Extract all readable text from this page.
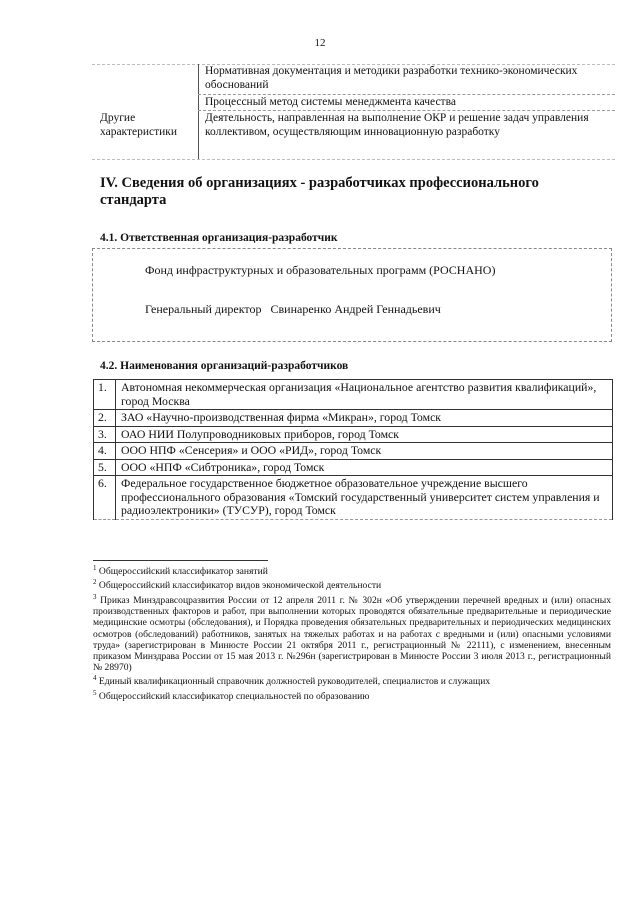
12
Другие характеристики
Нормативная документация и методики разработки технико-экономических обоснований
Процессный метод системы менеджмента качества
Деятельность, направленная на выполнение ОКР и решение задач управления коллективом, осуществляющим инновационную разработку
IV. Сведения об организациях - разработчиках профессионального стандарта
4.1. Ответственная организация-разработчик
Фонд инфраструктурных и образовательных программ (РОСНАНО)
Генеральный директор   Свинаренко Андрей Геннадьевич
4.2. Наименования организаций-разработчиков
1.	Автономная некоммерческая организация «Национальное агентство развития квалификаций», город Москва
2.	ЗАО «Научно-производственная фирма «Микран», город Томск
3.	ОАО НИИ Полупроводниковых приборов, город Томск
4.	ООО НПФ «Сенсерия» и ООО «РИД», город Томск
5.	ООО «НПФ «Сибтроника», город Томск
6.	Федеральное государственное бюджетное образовательное учреждение высшего профессионального образования «Томский государственный университет систем управления и радиоэлектроники» (ТУСУР), город Томск

$^1$ Общероссийский классификатор занятий

$^2$ Общероссийский классификатор видов экономической деятельности

$^3$ Приказ Минздравсоцразвития России от 12 апреля 2011 г. № 302н «Об утверждении перечней вредных и (или) опасных производственных факторов и работ, при выполнении которых проводятся обязательные предварительные и периодические медицинские осмотры (обследования), и Порядка проведения обязательных предварительных и периодических медицинских осмотров (обследований) работников, занятых на тяжелых работах и на работах с вредными и (или) опасными условиями труда» (зарегистрирован в Минюсте России 21 октября 2011 г., регистрационный № 22111), с изменением, внесенным приказом Минздрава России от 15 мая 2013 г. №296н (зарегистрирован в Минюсте России 3 июля 2013 г., регистрационный № 28970)

$^4$ Единый квалификационный справочник должностей руководителей, специалистов и служащих

$^5$ Общероссийский классификатор специальностей по образованию
